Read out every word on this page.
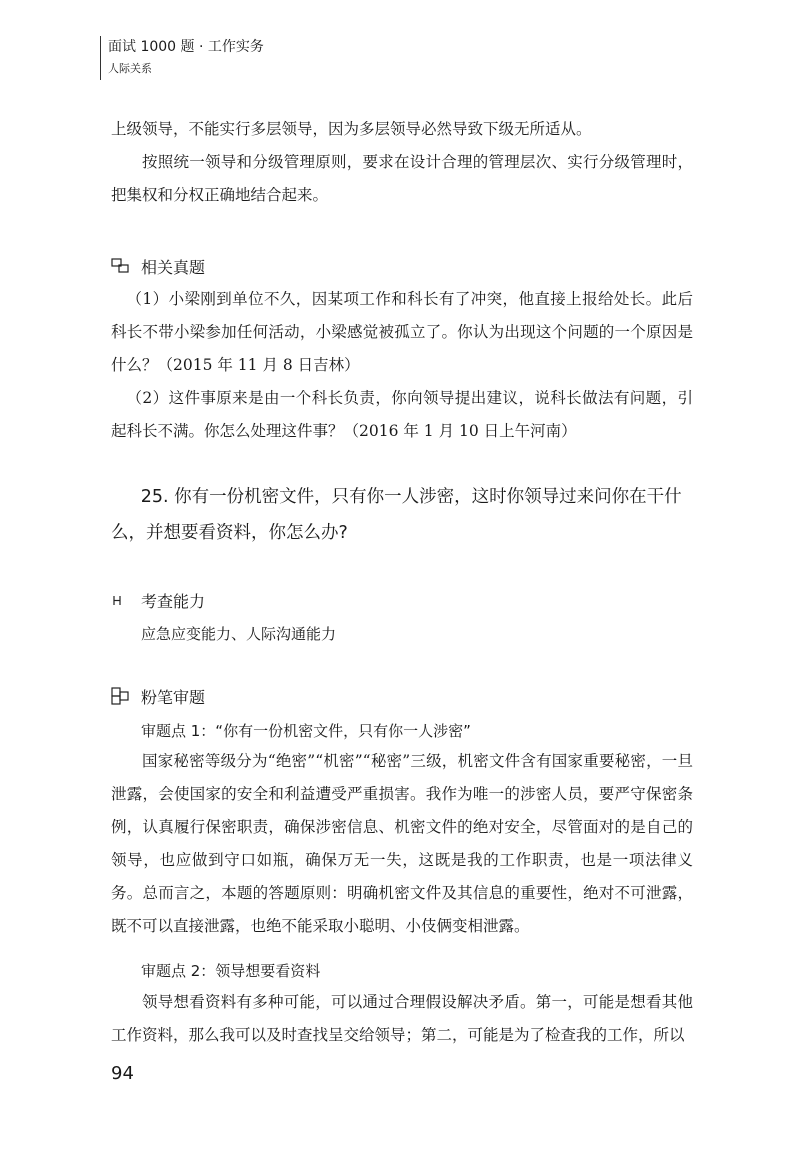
面试 1000 题 · 工作实务
人际关系
上级领导，不能实行多层领导，因为多层领导必然导致下级无所适从。
按照统一领导和分级管理原则，要求在设计合理的管理层次、实行分级管理时，把集权和分权正确地结合起来。
相关真题
（1）小梁刚到单位不久，因某项工作和科长有了冲突，他直接上报给处长。此后科长不带小梁参加任何活动，小梁感觉被孤立了。你认为出现这个问题的一个原因是什么？（2015 年 11 月 8 日吉林）
（2）这件事原来是由一个科长负责，你向领导提出建议，说科长做法有问题，引起科长不满。你怎么处理这件事？（2016 年 1 月 10 日上午河南）
25. 你有一份机密文件，只有你一人涉密，这时你领导过来问你在干什么，并想要看资料，你怎么办?
考查能力
应急应变能力、人际沟通能力
粉笔审题
审题点 1：“你有一份机密文件，只有你一人涉密”
国家秘密等级分为“绝密”“机密”“秘密”三级，机密文件含有国家重要秘密，一旦泄露，会使国家的安全和利益遭受严重损害。我作为唯一的涉密人员，要严守保密条例，认真履行保密职责，确保涉密信息、机密文件的绝对安全，尽管面对的是自己的领导，也应做到守口如瓶，确保万无一失，这既是我的工作职责，也是一项法律义务。总而言之，本题的答题原则：明确机密文件及其信息的重要性，绝对不可泄露，既不可以直接泄露，也绝不能采取小聪明、小伎俩变相泄露。
审题点 2：领导想要看资料
领导想看资料有多种可能，可以通过合理假设解决矛盾。第一，可能是想看其他工作资料，那么我可以及时查找呈交给领导；第二，可能是为了检查我的工作，所以
94
